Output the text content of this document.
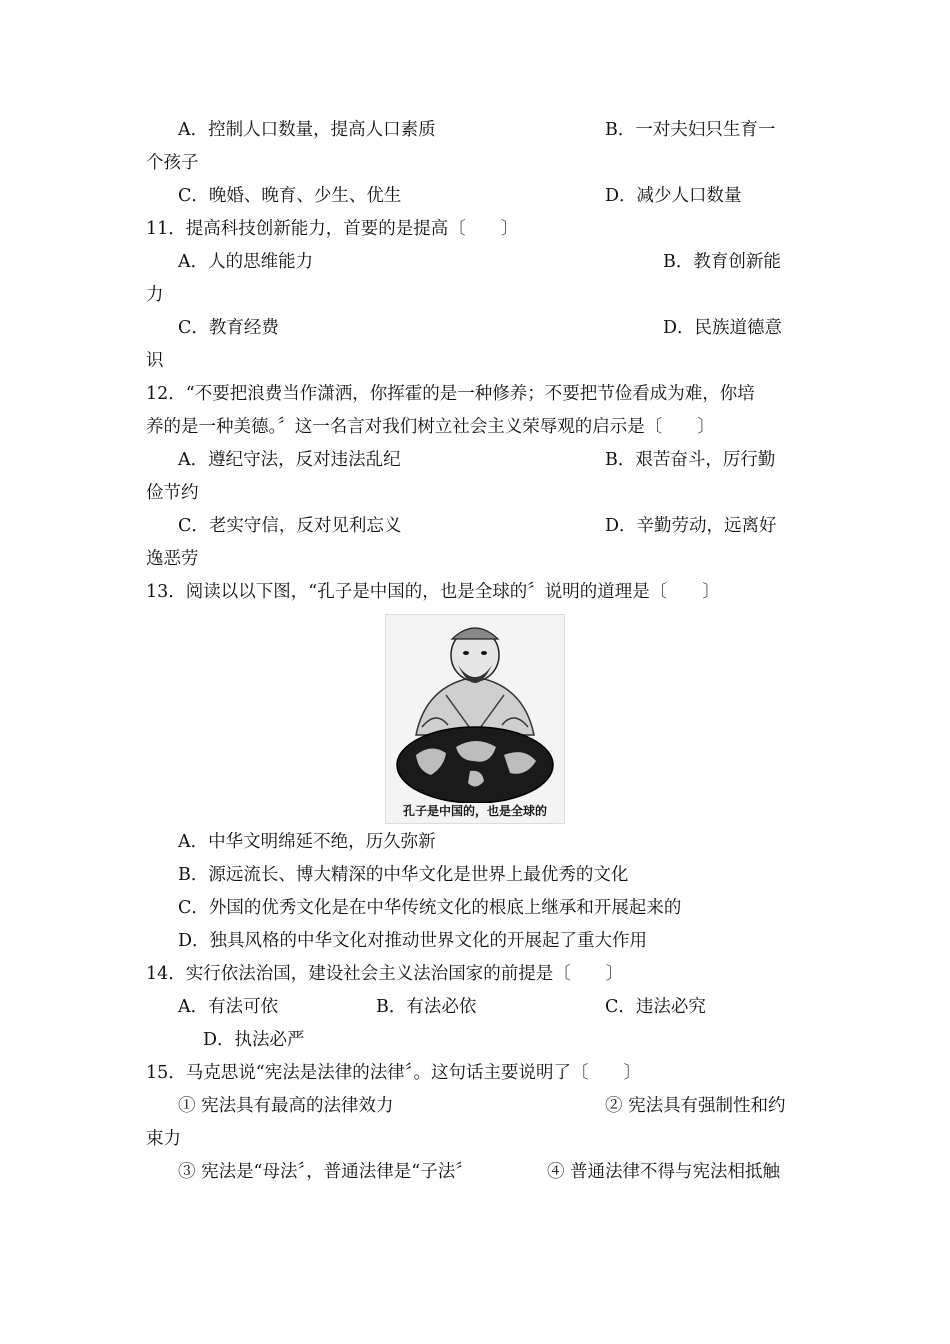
A．控制人口数量，提高人口素质	B．一对夫妇只生育一
个孩子
C．晚婚、晚育、少生、优生	D．减少人口数量
11．提高科技创新能力，首要的是提高〔　　〕
A．人的思维能力	B．教育创新能
力
C．教育经费	D．民族道德意
识
12．“不要把浪费当作潇洒，你挥霍的是一种修养；不要把节俭看成为难，你培
养的是一种美德。〞这一名言对我们树立社会主义荣辱观的启示是〔　　〕
A．遵纪守法，反对违法乱纪	B．艰苦奋斗，厉行勤
俭节约
C．老实守信，反对见利忘义	D．辛勤劳动，远离好
逸恶劳
13．阅读以以下图，“孔子是中国的，也是全球的〞说明的道理是〔　　〕
孔子是中国的，也是全球的
A．中华文明绵延不绝，历久弥新
B．源远流长、博大精深的中华文化是世界上最优秀的文化
C．外国的优秀文化是在中华传统文化的根底上继承和开展起来的
D．独具风格的中华文化对推动世界文化的开展起了重大作用
14．实行依法治国，建设社会主义法治国家的前提是〔　　〕
A．有法可依	B．有法必依	C．违法必究
D．执法必严
15．马克思说“宪法是法律的法律〞。这句话主要说明了〔　　〕
① 宪法具有最高的法律效力	② 宪法具有强制性和约
束力
③ 宪法是“母法〞，普通法律是“子法〞	④ 普通法律不得与宪法相抵触
